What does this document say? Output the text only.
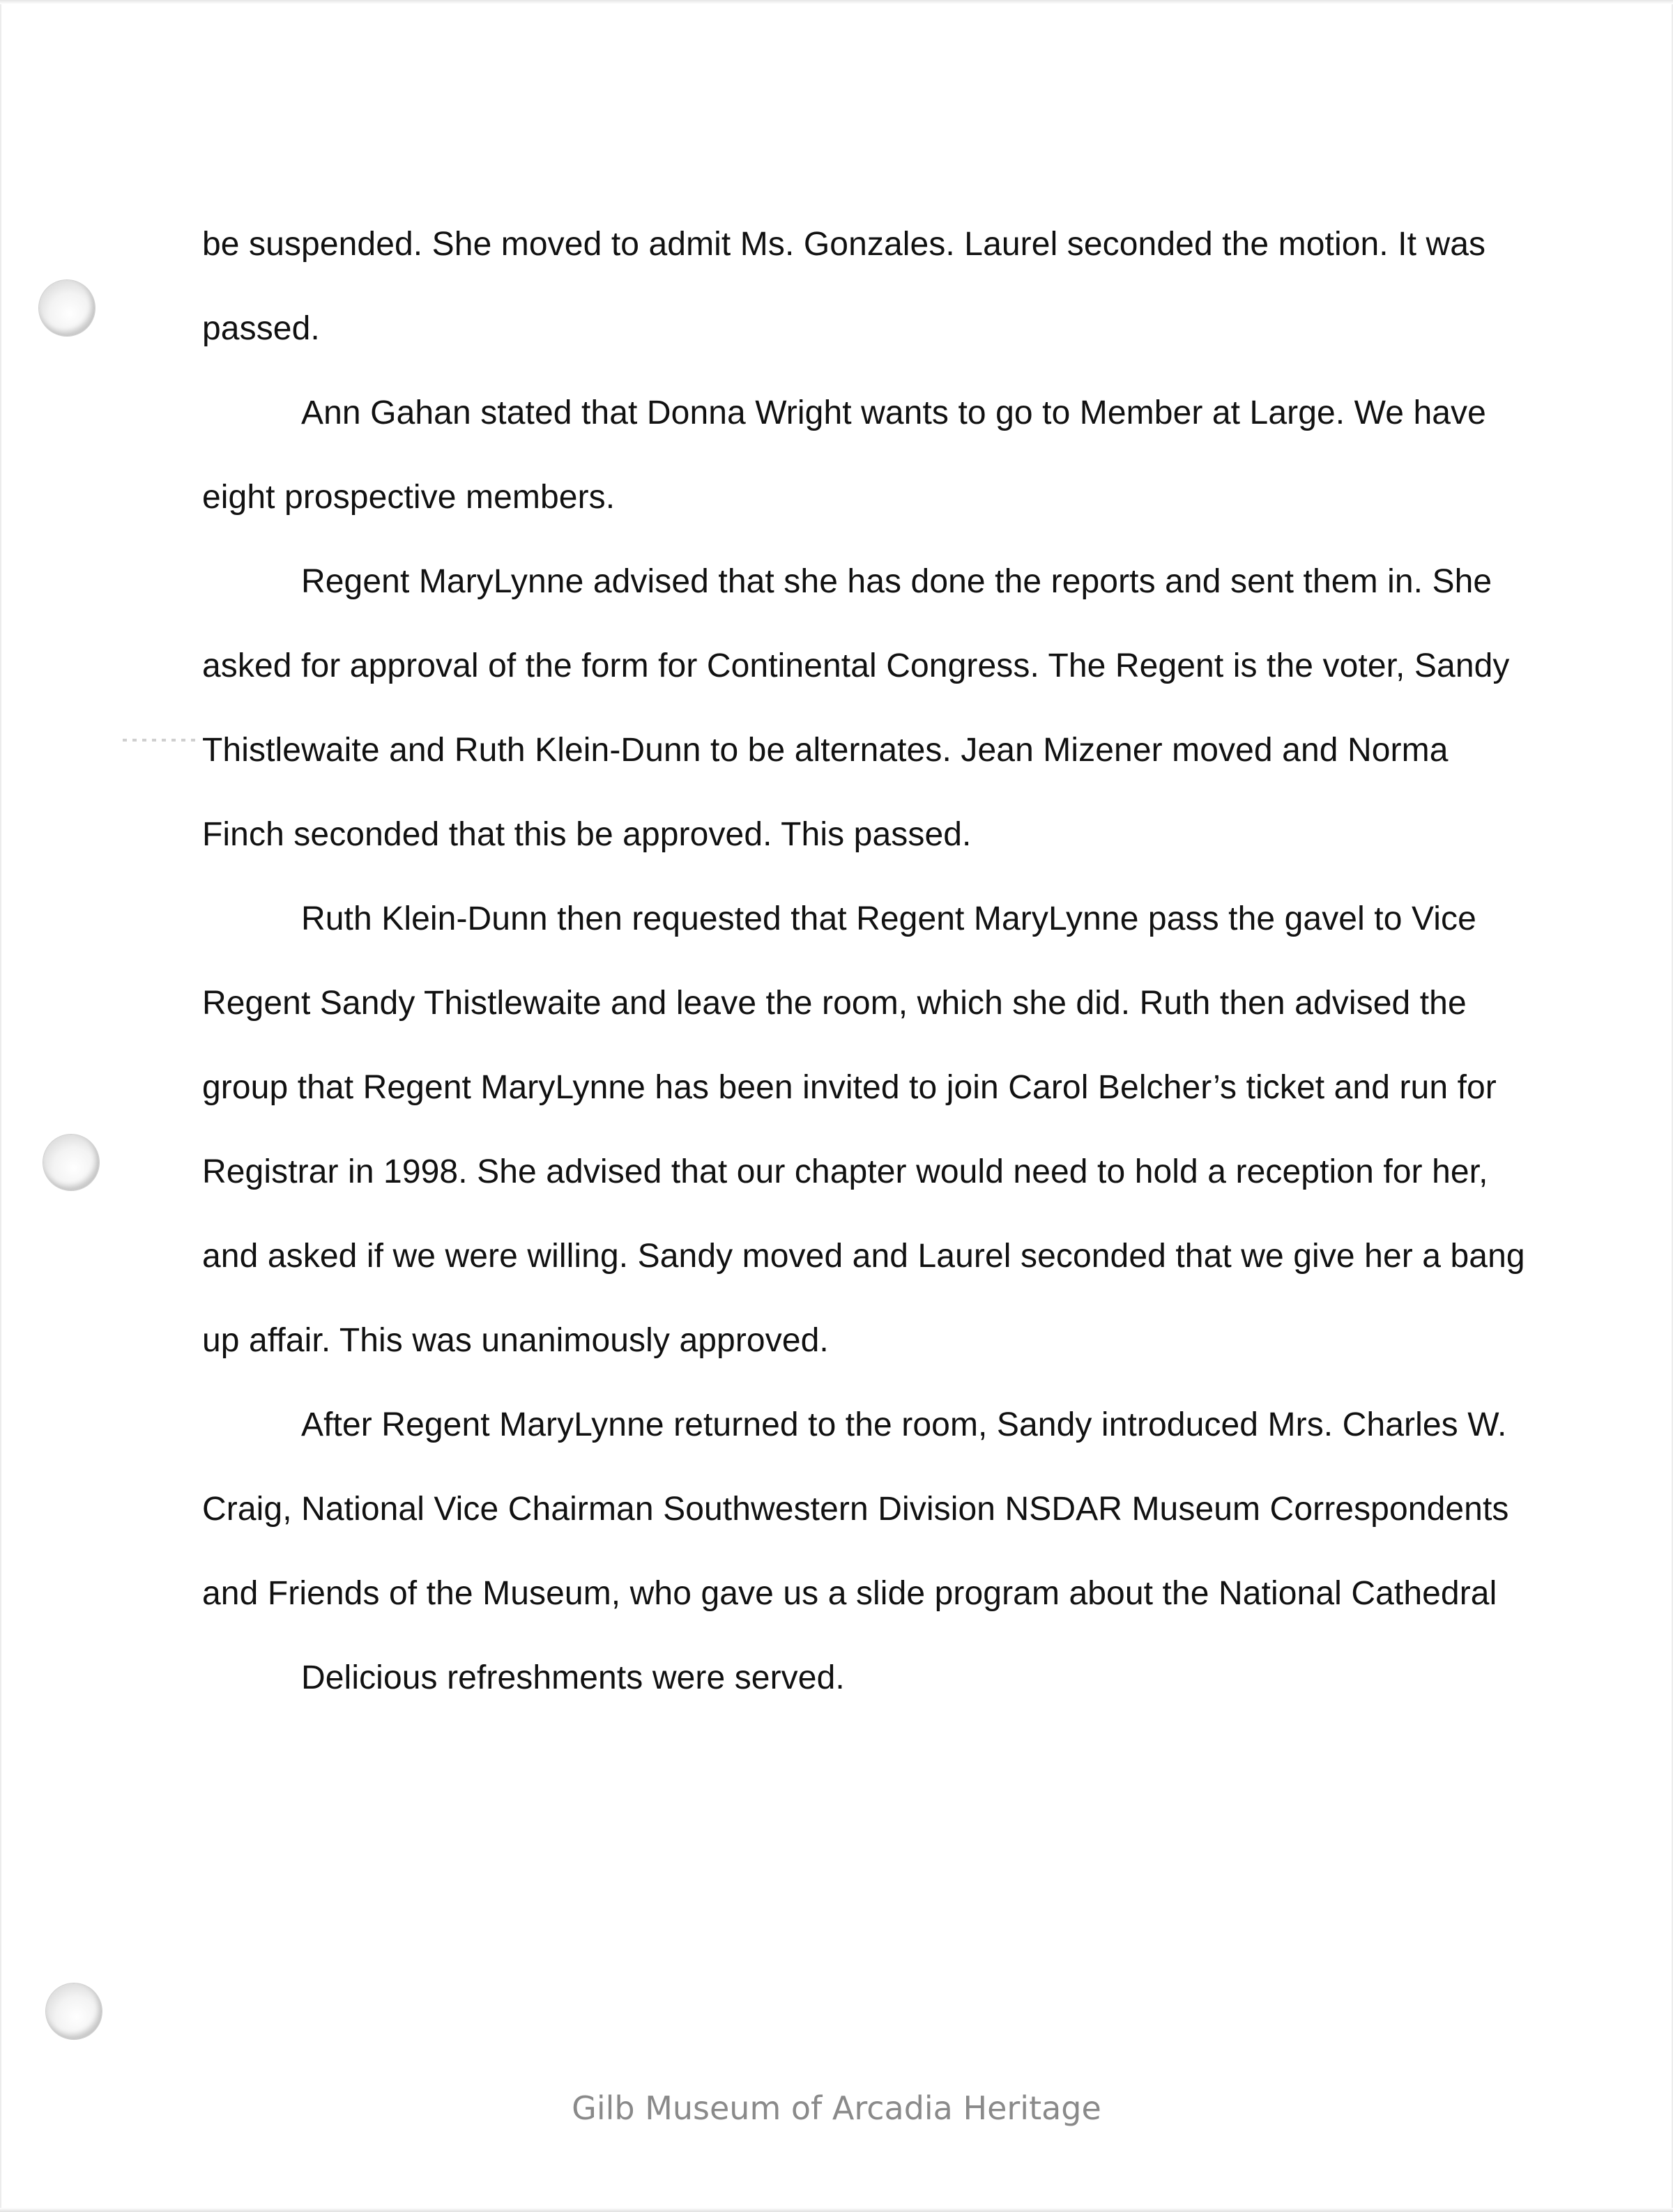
be suspended. She moved to admit Ms. Gonzales. Laurel seconded the motion. It was passed.

Ann Gahan stated that Donna Wright wants to go to Member at Large. We have eight prospective members.

Regent MaryLynne advised that she has done the reports and sent them in. She asked for approval of the form for Continental Congress. The Regent is the voter, Sandy Thistlewaite and Ruth Klein-Dunn to be alternates. Jean Mizener moved and Norma Finch seconded that this be approved. This passed.

Ruth Klein-Dunn then requested that Regent MaryLynne pass the gavel to Vice Regent Sandy Thistlewaite and leave the room, which she did. Ruth then advised the group that Regent MaryLynne has been invited to join Carol Belcher’s ticket and run for Registrar in 1998. She advised that our chapter would need to hold a reception for her, and asked if we were willing. Sandy moved and Laurel seconded that we give her a bang up affair. This was unanimously approved.

After Regent MaryLynne returned to the room, Sandy introduced Mrs. Charles W. Craig, National Vice Chairman Southwestern Division NSDAR Museum Correspondents and Friends of the Museum, who gave us a slide program about the National Cathedral

Delicious refreshments were served.

Gilb Museum of Arcadia Heritage
